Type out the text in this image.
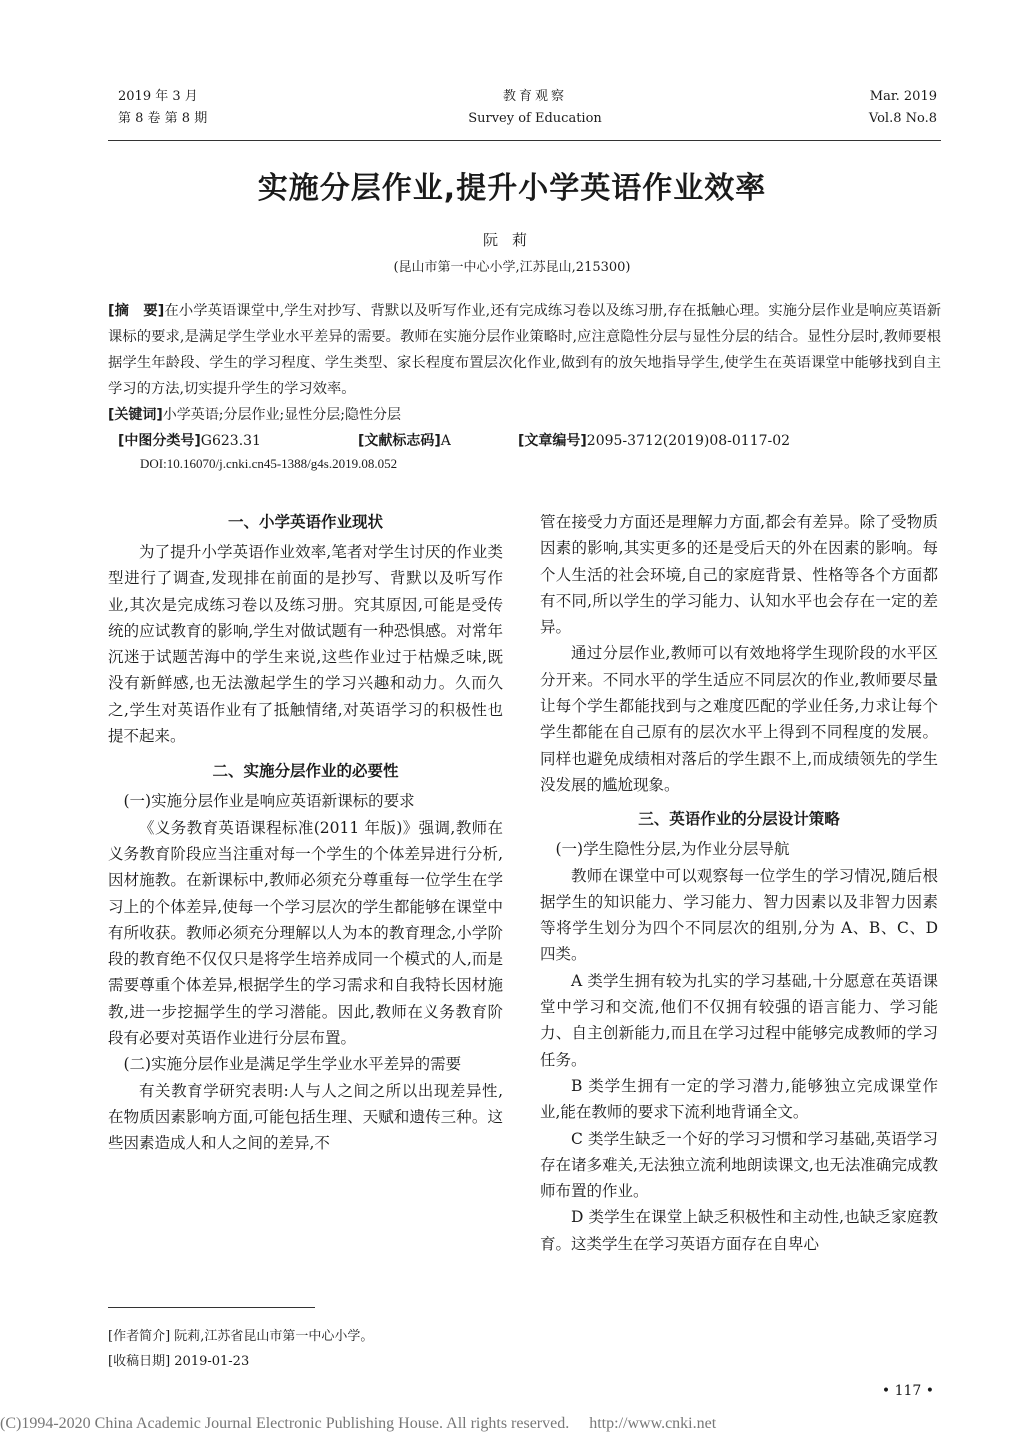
2019 年 3 月
第 8 卷 第 8 期
教育观察
Survey of Education
Mar. 2019
Vol.8 No.8
实施分层作业,提升小学英语作业效率
阮莉
(昆山市第一中心小学,江苏昆山,215300)
[摘　要]在小学英语课堂中,学生对抄写、背默以及听写作业,还有完成练习卷以及练习册,存在抵触心理。实施分层作业是响应英语新课标的要求,是满足学生学业水平差异的需要。教师在实施分层作业策略时,应注意隐性分层与显性分层的结合。显性分层时,教师要根据学生年龄段、学生的学习程度、学生类型、家长程度布置层次化作业,做到有的放矢地指导学生,使学生在英语课堂中能够找到自主学习的方法,切实提升学生的学习效率。
[关键词]小学英语;分层作业;显性分层;隐性分层
[中图分类号]G623.31	[文献标志码]A	[文章编号]2095-3712(2019)08-0117-02
DOI:10.16070/j.cnki.cn45-1388/g4s.2019.08.052
一、小学英语作业现状

为了提升小学英语作业效率,笔者对学生讨厌的作业类型进行了调查,发现排在前面的是抄写、背默以及听写作业,其次是完成练习卷以及练习册。究其原因,可能是受传统的应试教育的影响,学生对做试题有一种恐惧感。对常年沉迷于试题苦海中的学生来说,这些作业过于枯燥乏味,既没有新鲜感,也无法激起学生的学习兴趣和动力。久而久之,学生对英语作业有了抵触情绪,对英语学习的积极性也提不起来。

二、实施分层作业的必要性

(一)实施分层作业是响应英语新课标的要求

《义务教育英语课程标准(2011 年版)》强调,教师在义务教育阶段应当注重对每一个学生的个体差异进行分析,因材施教。在新课标中,教师必须充分尊重每一位学生在学习上的个体差异,使每一个学习层次的学生都能够在课堂中有所收获。教师必须充分理解以人为本的教育理念,小学阶段的教育绝不仅仅只是将学生培养成同一个模式的人,而是需要尊重个体差异,根据学生的学习需求和自我特长因材施教,进一步挖掘学生的学习潜能。因此,教师在义务教育阶段有必要对英语作业进行分层布置。

(二)实施分层作业是满足学生学业水平差异的需要

有关教育学研究表明:人与人之间之所以出现差异性,在物质因素影响方面,可能包括生理、天赋和遗传三种。这些因素造成人和人之间的差异,不

管在接受力方面还是理解力方面,都会有差异。除了受物质因素的影响,其实更多的还是受后天的外在因素的影响。每个人生活的社会环境,自己的家庭背景、性格等各个方面都有不同,所以学生的学习能力、认知水平也会存在一定的差异。

通过分层作业,教师可以有效地将学生现阶段的水平区分开来。不同水平的学生适应不同层次的作业,教师要尽量让每个学生都能找到与之难度匹配的学业任务,力求让每个学生都能在自己原有的层次水平上得到不同程度的发展。同样也避免成绩相对落后的学生跟不上,而成绩领先的学生没发展的尴尬现象。

三、英语作业的分层设计策略

(一)学生隐性分层,为作业分层导航

教师在课堂中可以观察每一位学生的学习情况,随后根据学生的知识能力、学习能力、智力因素以及非智力因素等将学生划分为四个不同层次的组别,分为 A、B、C、D 四类。

A 类学生拥有较为扎实的学习基础,十分愿意在英语课堂中学习和交流,他们不仅拥有较强的语言能力、学习能力、自主创新能力,而且在学习过程中能够完成教师的学习任务。

B 类学生拥有一定的学习潜力,能够独立完成课堂作业,能在教师的要求下流利地背诵全文。

C 类学生缺乏一个好的学习习惯和学习基础,英语学习存在诸多难关,无法独立流利地朗读课文,也无法准确完成教师布置的作业。

D 类学生在课堂上缺乏积极性和主动性,也缺乏家庭教育。这类学生在学习英语方面存在自卑心

[作者简介] 阮莉,江苏省昆山市第一中心小学。
[收稿日期] 2019-01-23
• 117 •
(C)1994-2020 China Academic Journal Electronic Publishing House. All rights reserved.　 http://www.cnki.net
